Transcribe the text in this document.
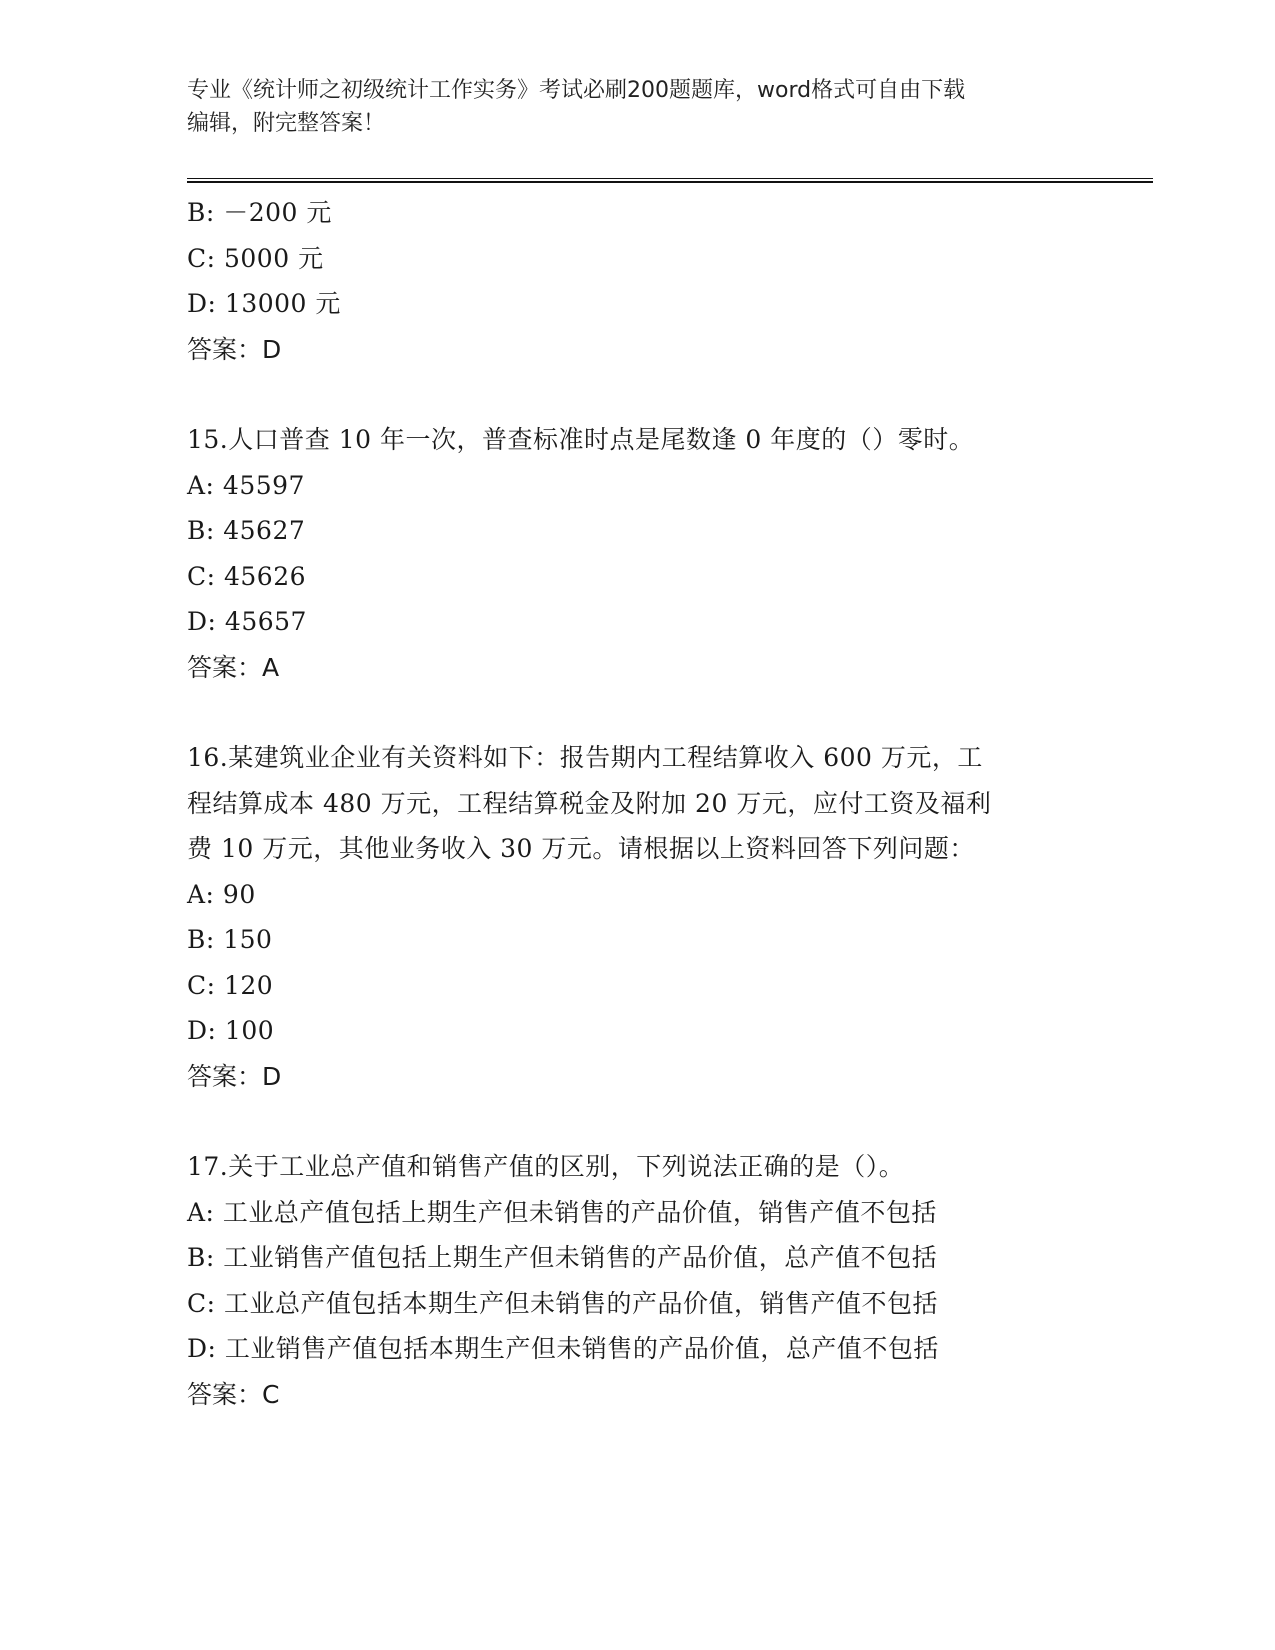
专业《统计师之初级统计工作实务》考试必刷200题题库，word格式可自由下载
编辑，附完整答案！
B: －200 元
C: 5000 元
D: 13000 元
答案：D
15.人口普查 10 年一次，普查标准时点是尾数逢 0 年度的（）零时。
A: 45597
B: 45627
C: 45626
D: 45657
答案：A
16.某建筑业企业有关资料如下：报告期内工程结算收入 600 万元，工
程结算成本 480 万元，工程结算税金及附加 20 万元，应付工资及福利
费 10 万元，其他业务收入 30 万元。请根据以上资料回答下列问题：
A: 90
B: 150
C: 120
D: 100
答案：D
17.关于工业总产值和销售产值的区别，下列说法正确的是（）。
A: 工业总产值包括上期生产但未销售的产品价值，销售产值不包括
B: 工业销售产值包括上期生产但未销售的产品价值，总产值不包括
C: 工业总产值包括本期生产但未销售的产品价值，销售产值不包括
D: 工业销售产值包括本期生产但未销售的产品价值，总产值不包括
答案：C
